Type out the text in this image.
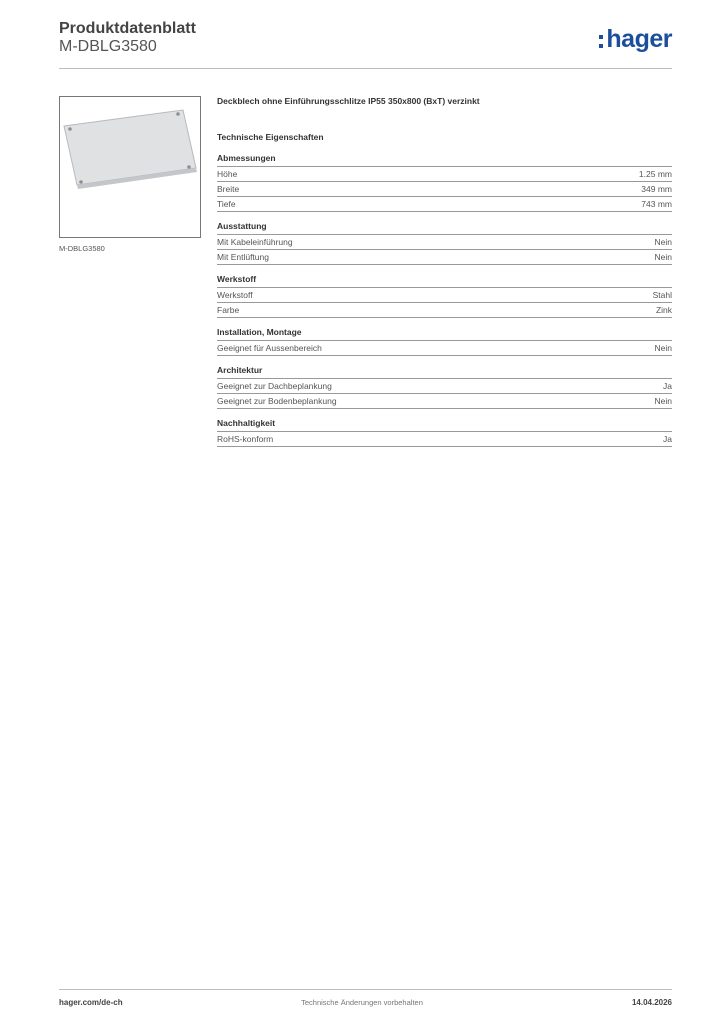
Produktdatenblatt
M-DBLG3580	hager
M-DBLG3580
Deckblech ohne Einführungsschlitze IP55 350x800 (BxT) verzinkt
Technische Eigenschaften
Abmessungen
Höhe	1.25 mm
Breite	349 mm
Tiefe	743 mm
Ausstattung
Mit Kabeleinführung	Nein
Mit Entlüftung	Nein
Werkstoff
Werkstoff	Stahl
Farbe	Zink
Installation, Montage
Geeignet für Aussenbereich	Nein
Architektur
Geeignet zur Dachbeplankung	Ja
Geeignet zur Bodenbeplankung	Nein
Nachhaltigkeit
RoHS-konform	Ja
hager.com/de-ch	Technische Änderungen vorbehalten	14.04.2026
